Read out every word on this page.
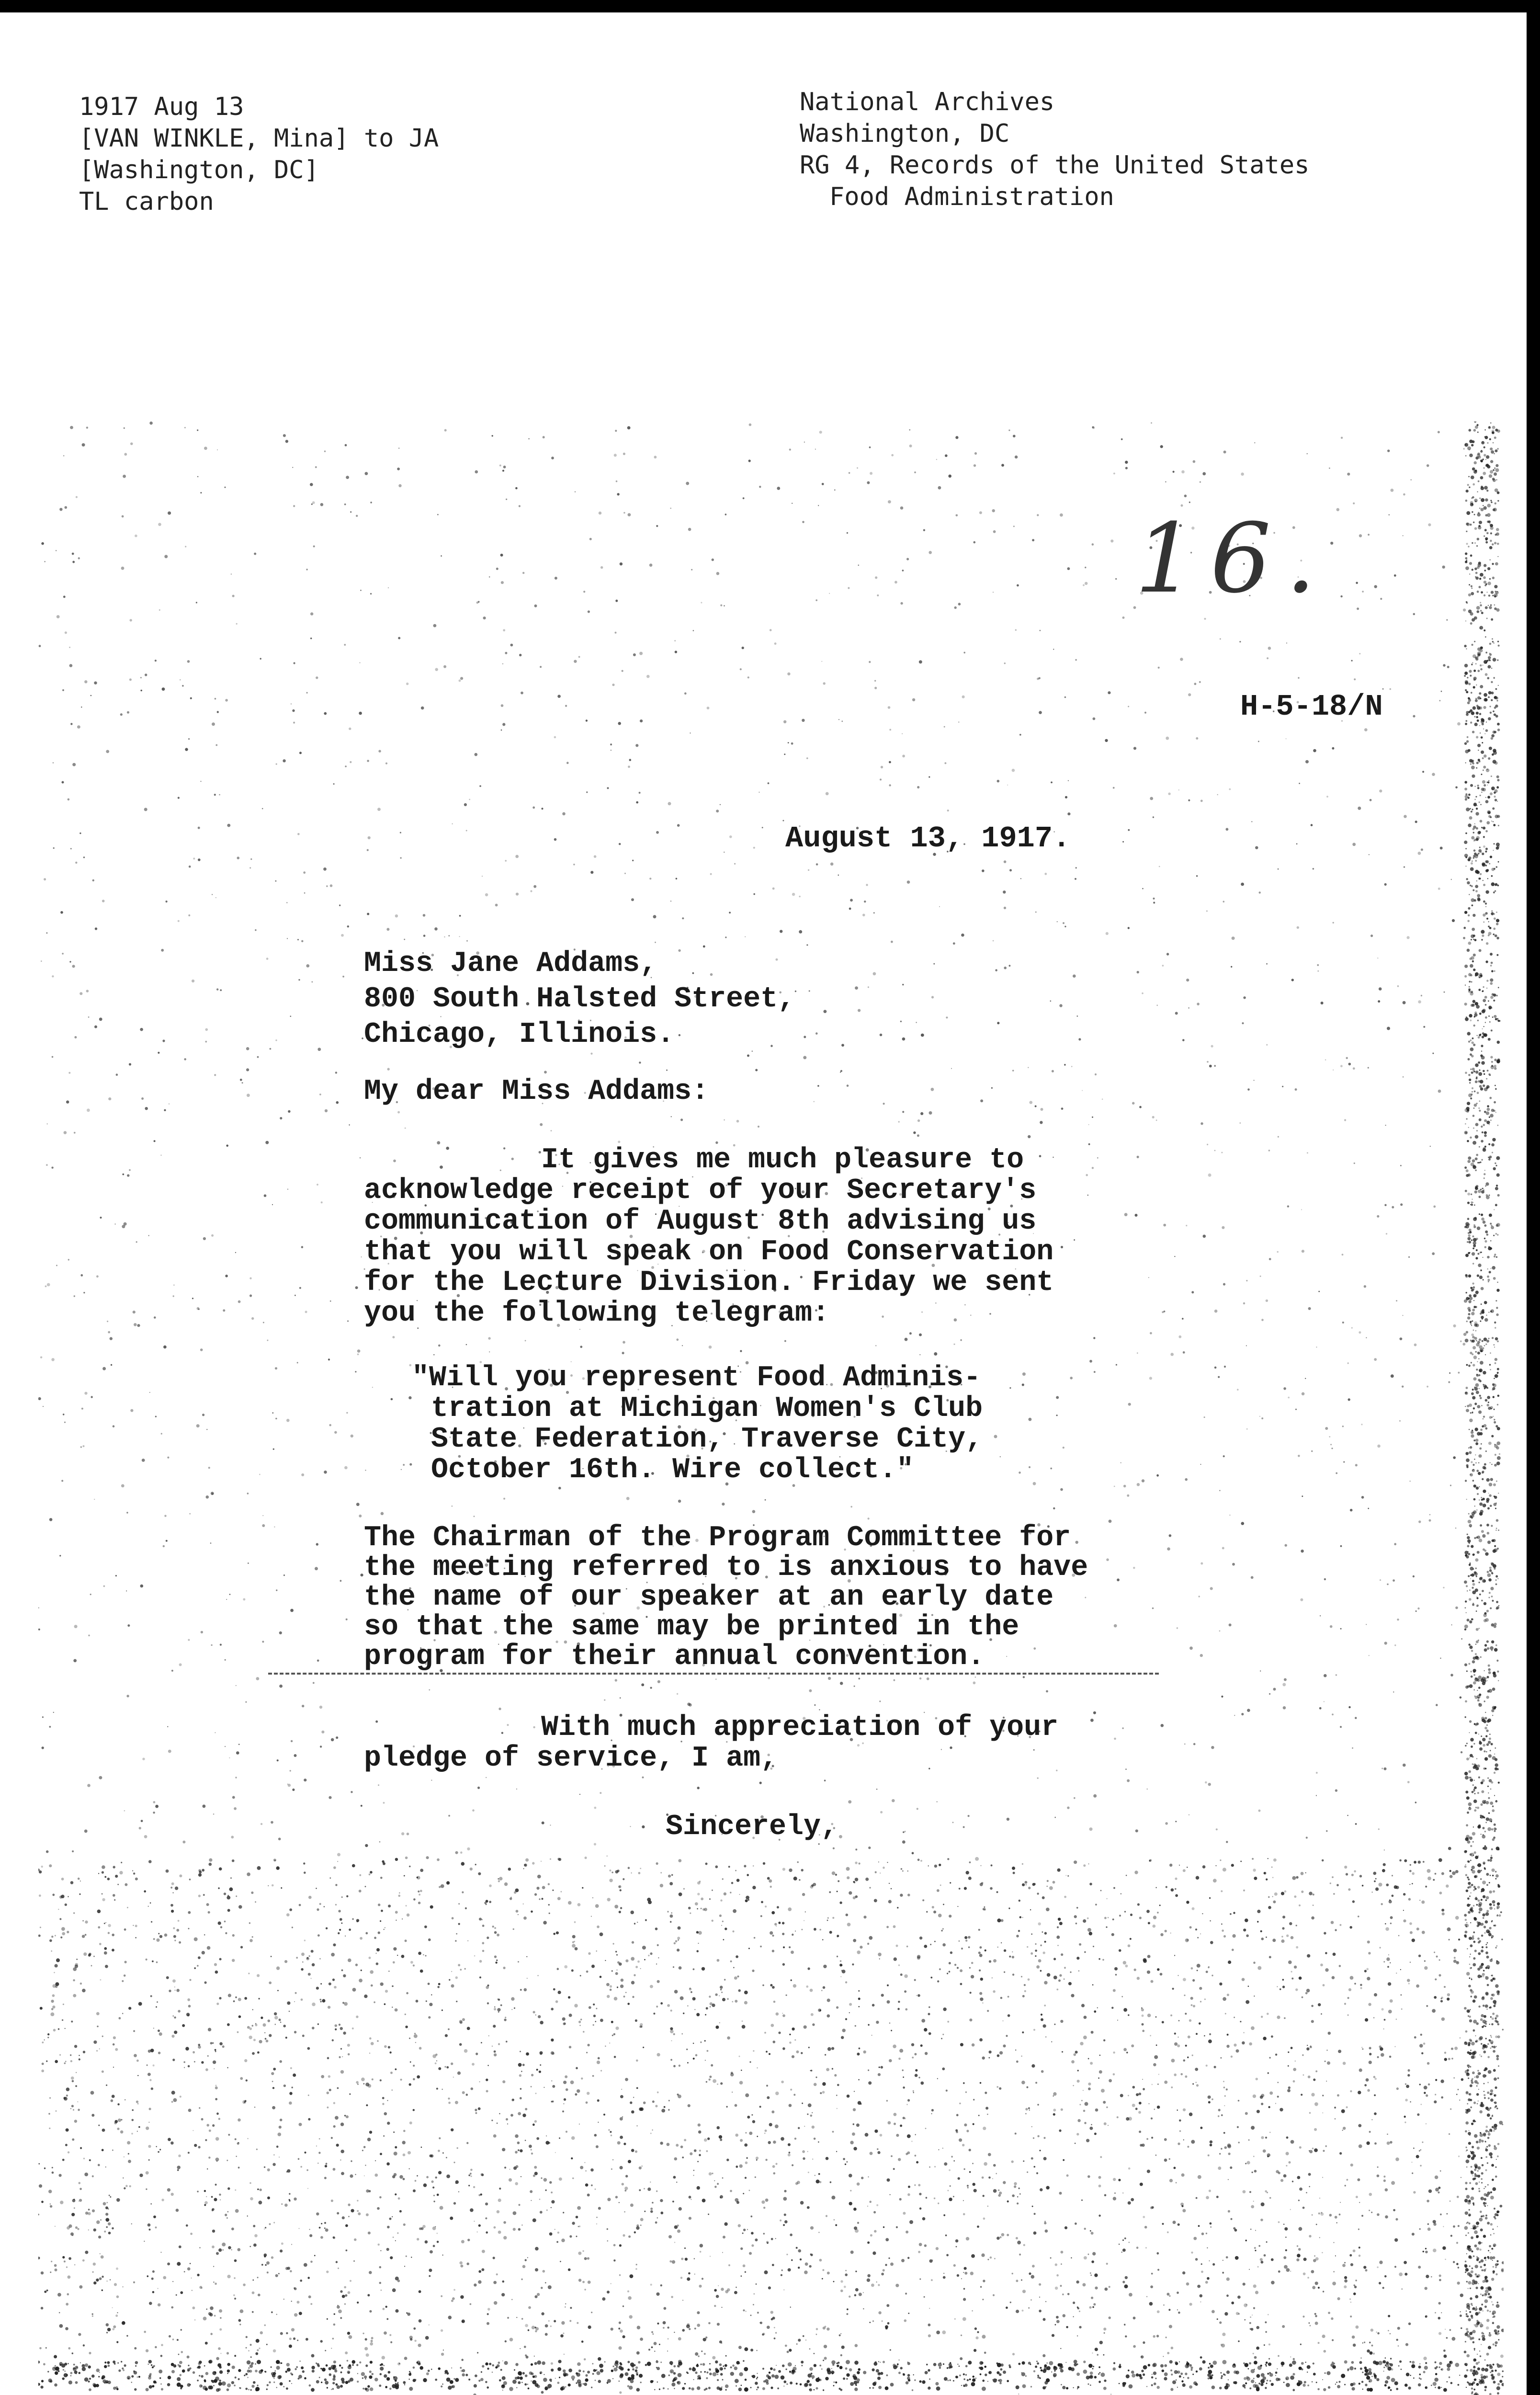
1917 Aug 13
[VAN WINKLE, Mina] to JA
[Washington, DC]
TL carbon
National Archives
Washington, DC
RG 4, Records of the United States
Food Administration
16.
H-5-18/N
August 13, 1917.
Miss Jane Addams,
800 South Halsted Street,
Chicago, Illinois.
My dear Miss Addams:
It gives me much pleasure to
acknowledge receipt of your Secretary's
communication of August 8th advising us
that you will speak on Food Conservation
for the Lecture Division. Friday we sent
you the following telegram:
"Will you represent Food Adminis-
tration at Michigan Women's Club
State Federation, Traverse City,
October 16th. Wire collect."
The Chairman of the Program Committee for
the meeting referred to is anxious to have
the name of our speaker at an early date
so that the same may be printed in the
program for their annual convention.
With much appreciation of your
pledge of service, I am,
Sincerely,
